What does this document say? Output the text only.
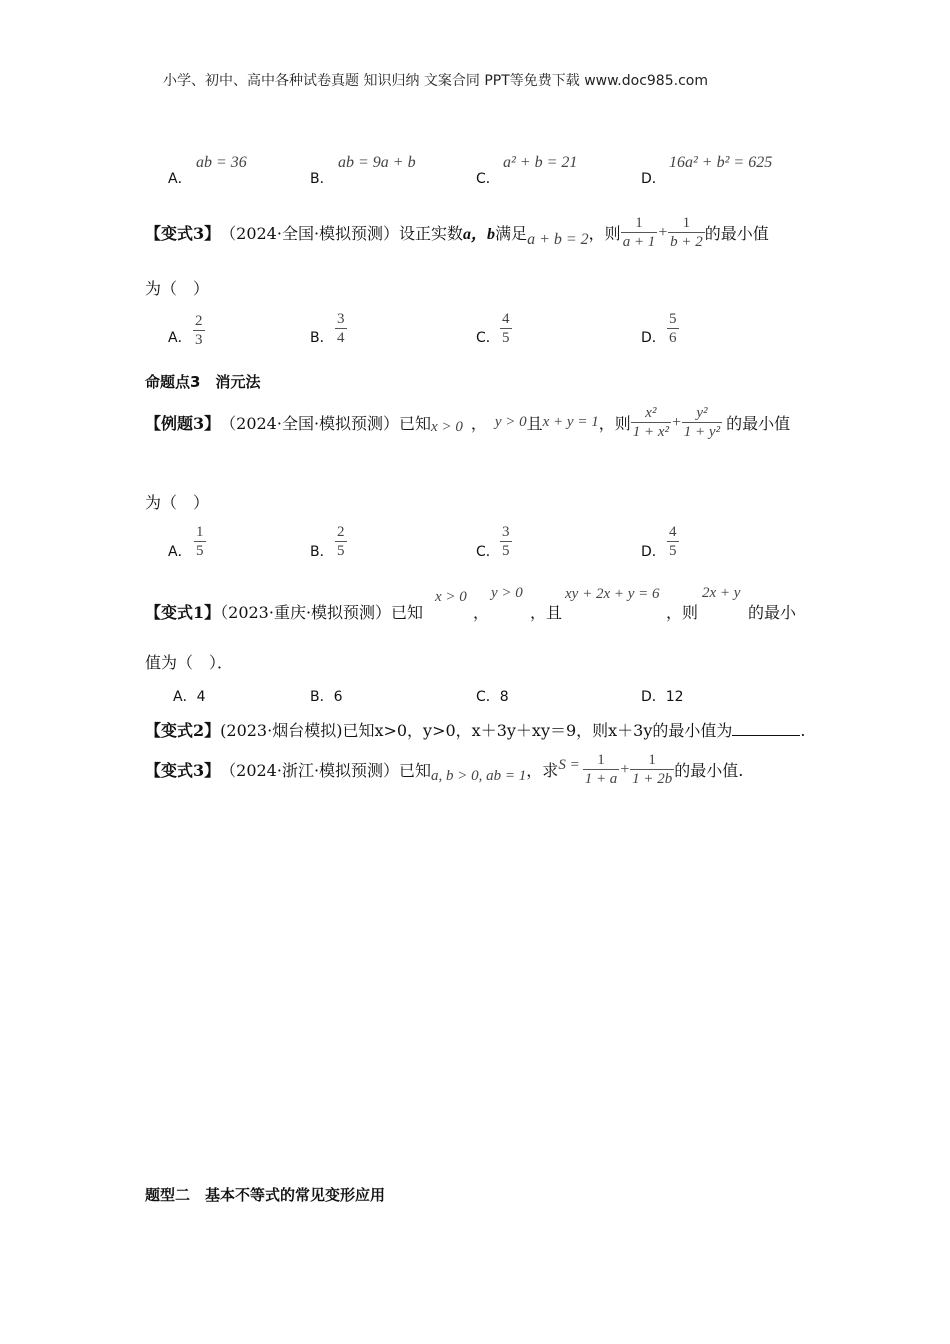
小学、初中、高中各种试卷真题 知识归纳 文案合同 PPT等免费下载 www.doc985.com
A．
ab = 36
B．
ab = 9a + b
C．
a² + b = 21
D．
16a² + b² = 625
【变式3】 （2024·全国·模拟预测）设正实数 a，b 满足 a + b = 2 ，则 $\frac{1}{a + 1} + \frac{1}{b + 2}$ 的最小值
为（　）
A． $\frac{2}{3}$	B． $\frac{3}{4}$	C． $\frac{4}{5}$	D． $\frac{5}{6}$
命题点3　消元法
【例题3】 （2024·全国·模拟预测）已知 x > 0 ， y > 0 且 x + y = 1 ，则 $\frac{\text{x²}}{\text{1 + x²}} + \frac{\text{y²}}{\text{1 + y²}}$ 的最小值
为（　）
A． $\frac{1}{5}$	B． $\frac{2}{5}$	C． $\frac{3}{5}$	D． $\frac{4}{5}$
【变式1】（2023·重庆·模拟预测）已知
x > 0
，
y > 0
，且
xy + 2x + y = 6
，则
2x + y
的最小
值为（　）．
A．4	B．6	C．8	D．12
【变式2】(2023·烟台模拟)已知x>0，y>0，x＋3y＋xy＝9，则x＋3y的最小值为	.
【变式3】 （2024·浙江·模拟预测）已知 a, b > 0, ab = 1 ，求 $S = \frac{1}{1 + a} + \frac{1}{1 + 2b}$ 的最小值.
题型二　基本不等式的常见变形应用
